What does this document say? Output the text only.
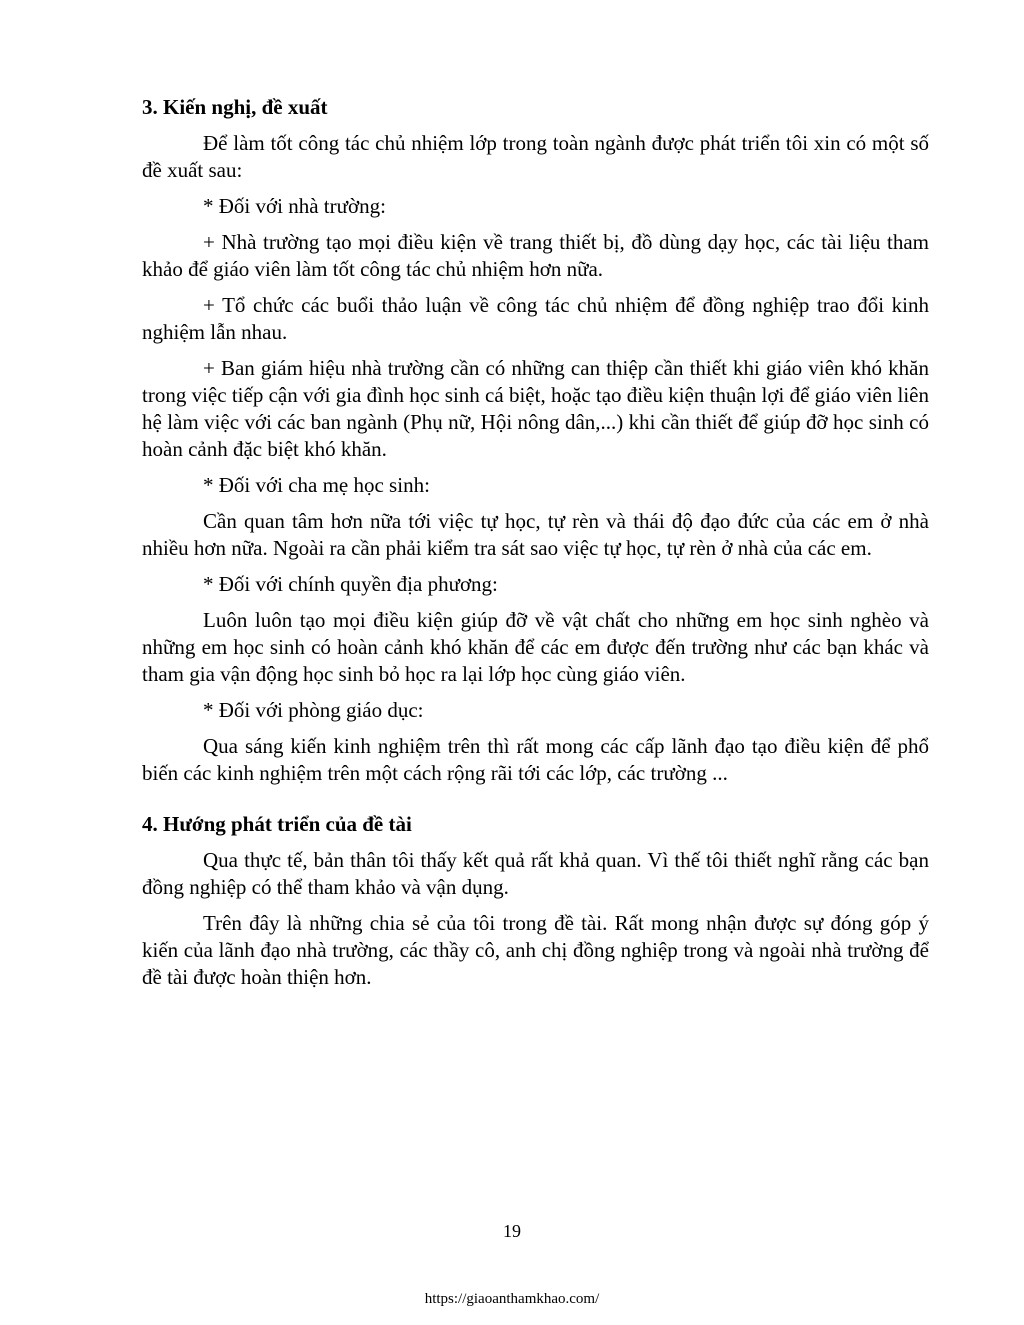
3. Kiến nghị, đề xuất

Để làm tốt công tác chủ nhiệm lớp trong toàn ngành được phát triển tôi xin có một số đề xuất sau:

* Đối với nhà trường:

+ Nhà trường tạo mọi điều kiện về trang thiết bị, đồ dùng dạy học, các tài liệu tham khảo để giáo viên làm tốt công tác chủ nhiệm hơn nữa.

+ Tổ chức các buổi thảo luận về công tác chủ nhiệm để đồng nghiệp trao đổi kinh nghiệm lẫn nhau.

+ Ban giám hiệu nhà trường cần có những can thiệp cần thiết khi giáo viên khó khăn trong việc tiếp cận với gia đình học sinh cá biệt, hoặc tạo điều kiện thuận lợi để giáo viên liên hệ làm việc với các ban ngành (Phụ nữ, Hội nông dân,...) khi cần thiết để giúp đỡ học sinh có hoàn cảnh đặc biệt khó khăn.

* Đối với cha mẹ học sinh:

Cần quan tâm hơn nữa tới việc tự học, tự rèn và thái độ đạo đức của các em ở nhà nhiều hơn nữa. Ngoài ra cần phải kiểm tra sát sao việc tự học, tự rèn ở nhà của các em.

* Đối với chính quyền địa phương:

Luôn luôn tạo mọi điều kiện giúp đỡ về vật chất cho những em học sinh nghèo và những em học sinh có hoàn cảnh khó khăn để các em được đến trường như các bạn khác và tham gia vận động học sinh bỏ học ra lại lớp học cùng giáo viên.

* Đối với phòng giáo dục:

Qua sáng kiến kinh nghiệm trên thì rất mong các cấp lãnh đạo tạo điều kiện để phổ biến các kinh nghiệm trên một cách rộng rãi tới các lớp, các trường ...

4. Hướng phát triển của đề tài

Qua thực tế, bản thân tôi thấy kết quả rất khả quan. Vì thế tôi thiết nghĩ rằng các bạn đồng nghiệp có thể tham khảo và vận dụng.

Trên đây là những chia sẻ của tôi trong đề tài. Rất mong nhận được sự đóng góp ý kiến của lãnh đạo nhà trường, các thầy cô, anh chị đồng nghiệp trong và ngoài nhà trường để đề tài được hoàn thiện hơn.

19
https://giaoanthamkhao.com/
